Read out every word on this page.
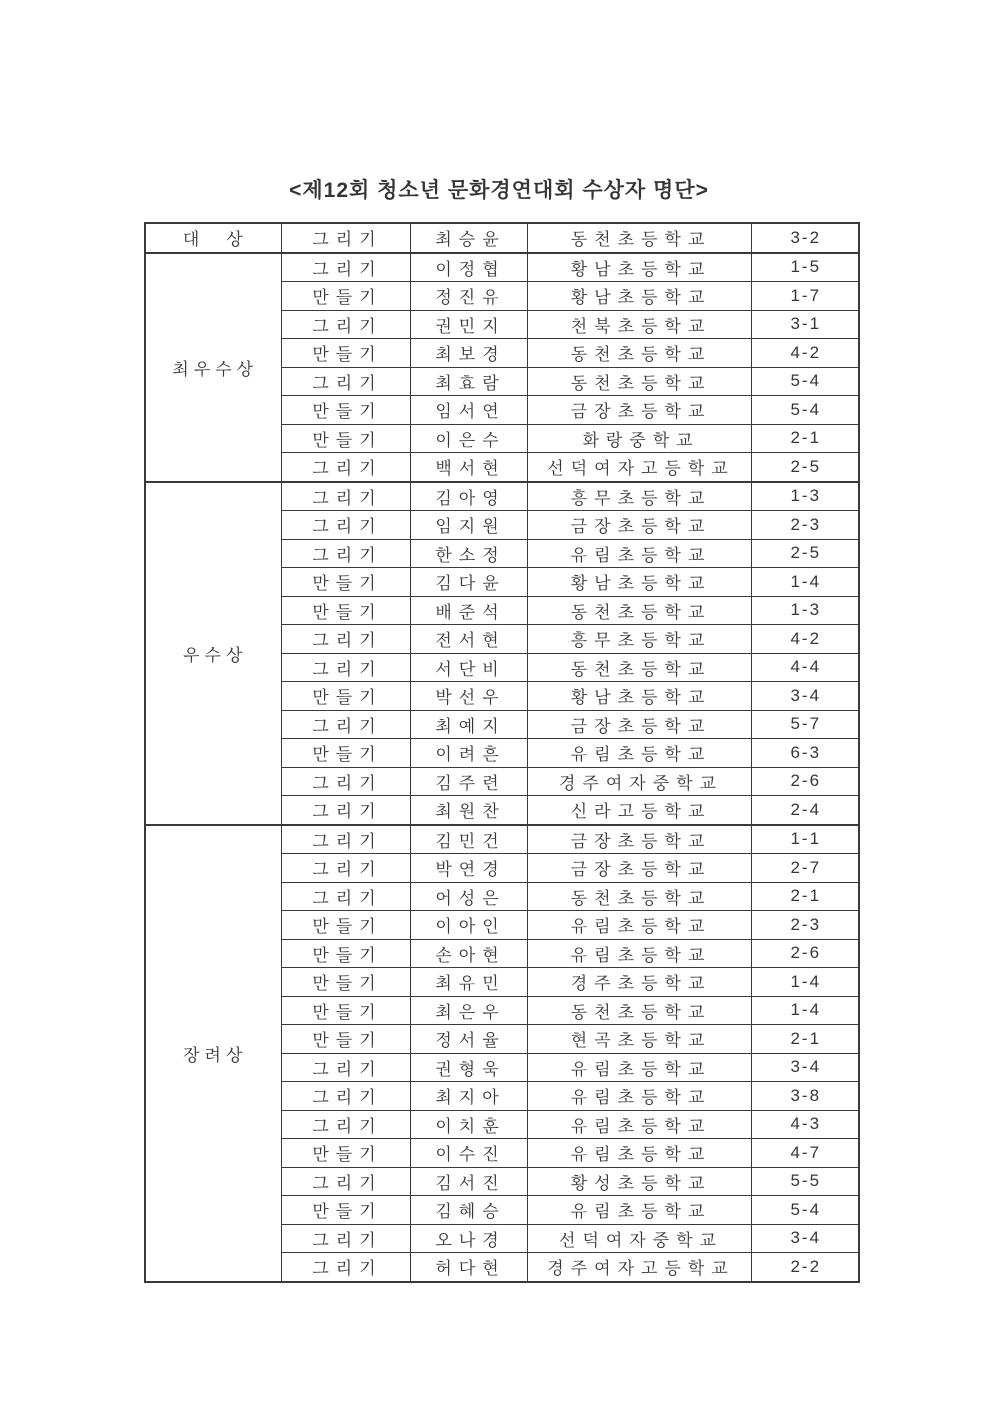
<제12회 청소년 문화경연대회 수상자 명단>
대　상	그리기	최승윤	동천초등학교	3-2
최우수상	그리기	이정협	황남초등학교	1-5
	만들기	정진유	황남초등학교	1-7
	그리기	권민지	천북초등학교	3-1
	만들기	최보경	동천초등학교	4-2
	그리기	최효람	동천초등학교	5-4
	만들기	임서연	금장초등학교	5-4
	만들기	이은수	화랑중학교	2-1
	그리기	백서현	선덕여자고등학교	2-5
우수상	그리기	김아영	흥무초등학교	1-3
	그리기	임지원	금장초등학교	2-3
	그리기	한소정	유림초등학교	2-5
	만들기	김다윤	황남초등학교	1-4
	만들기	배준석	동천초등학교	1-3
	그리기	전서현	흥무초등학교	4-2
	그리기	서단비	동천초등학교	4-4
	만들기	박선우	황남초등학교	3-4
	그리기	최예지	금장초등학교	5-7
	만들기	이려흔	유림초등학교	6-3
	그리기	김주련	경주여자중학교	2-6
	그리기	최원찬	신라고등학교	2-4
장려상	그리기	김민건	금장초등학교	1-1
	그리기	박연경	금장초등학교	2-7
	그리기	어성은	동천초등학교	2-1
	만들기	이아인	유림초등학교	2-3
	만들기	손아현	유림초등학교	2-6
	만들기	최유민	경주초등학교	1-4
	만들기	최은우	동천초등학교	1-4
	만들기	정서율	현곡초등학교	2-1
	그리기	권형욱	유림초등학교	3-4
	그리기	최지아	유림초등학교	3-8
	그리기	이치훈	유림초등학교	4-3
	만들기	이수진	유림초등학교	4-7
	그리기	김서진	황성초등학교	5-5
	만들기	김혜승	유림초등학교	5-4
	그리기	오나경	선덕여자중학교	3-4
	그리기	허다현	경주여자고등학교	2-2
